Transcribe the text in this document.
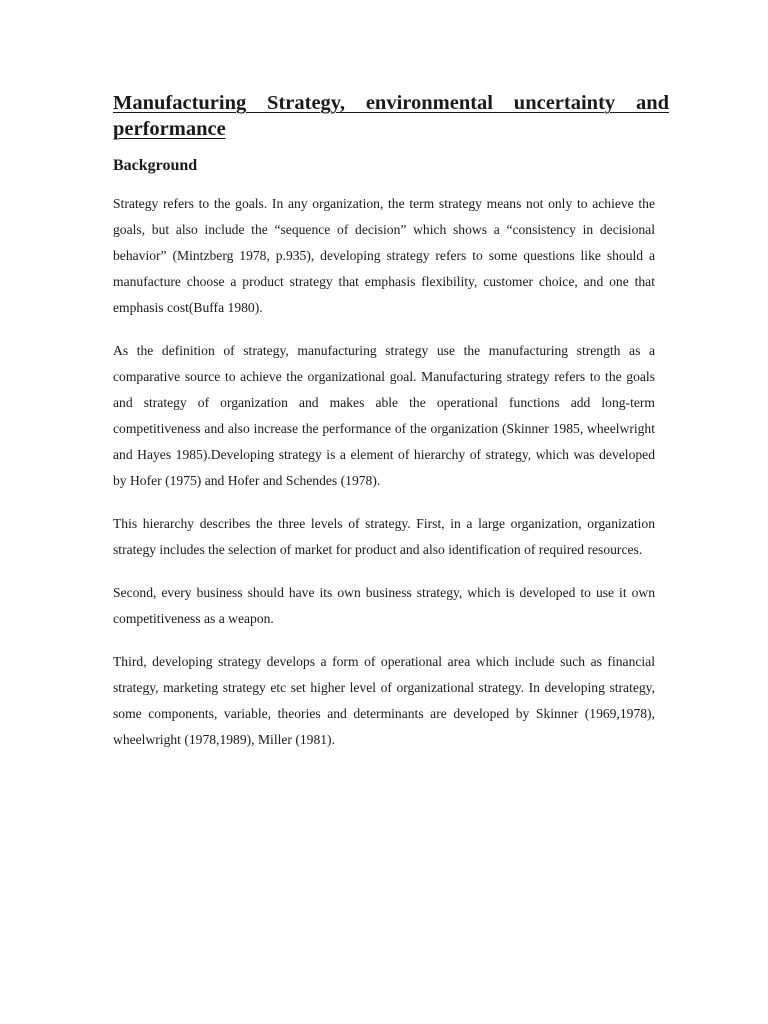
Manufacturing Strategy, environmental uncertainty and performance
Background

Strategy refers to the goals. In any organization, the term strategy means not only to achieve the goals, but also include the “sequence of decision” which shows a “consistency in decisional behavior” (Mintzberg 1978, p.935), developing strategy refers to some questions like should a manufacture choose a product strategy that emphasis flexibility, customer choice, and one that emphasis cost(Buffa 1980).

As the definition of strategy, manufacturing strategy use the manufacturing strength as a comparative source to achieve the organizational goal. Manufacturing strategy refers to the goals and strategy of organization and makes able the operational functions add long-term competitiveness and also increase the performance of the organization (Skinner 1985, wheelwright and Hayes 1985).Developing strategy is a element of hierarchy of strategy, which was developed by Hofer (1975) and Hofer and Schendes (1978).

This hierarchy describes the three levels of strategy. First, in a large organization, organization strategy includes the selection of market for product and also identification of required resources.

Second, every business should have its own business strategy, which is developed to use it own competitiveness as a weapon.

Third, developing strategy develops a form of operational area which include such as financial strategy, marketing strategy etc set higher level of organizational strategy. In developing strategy, some components, variable, theories and determinants are developed by Skinner (1969,1978), wheelwright (1978,1989), Miller (1981).
